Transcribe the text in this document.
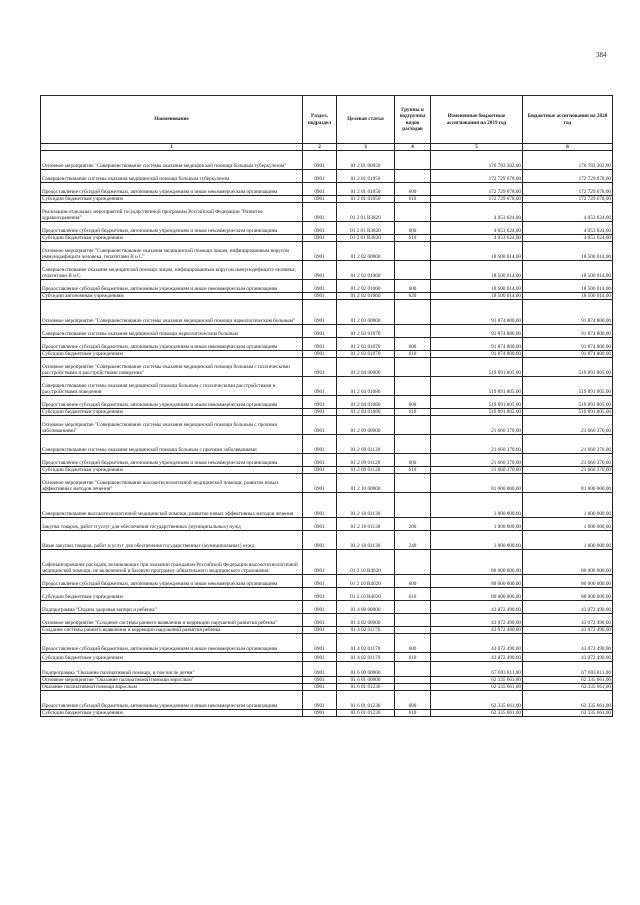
384
Наименование	Раздел, подраздел	Целевая статья	Группы и подгруппы видов расходов	Измененные бюджетные ассигнования на 2019 год	Бюджетные ассигнования на 2020 год
1	2	3	4	5	6
Основное мероприятие "Совершенствование системы оказания медицинской помощи больным туберкулезом"	0901	01 2 01 00050		176 783 302,00	176 783 302,00
Совершенствование системы оказания медицинской помощи больным туберкулезом	0901	01 2 01 01050		172 729 678,00	172 729 678,00
Предоставление субсидий бюджетным, автономным учреждениям и иным некоммерческим организациям	0901	01 2 01 01050	600	172 729 678,00	172 729 678,00
Субсидии бюджетным учреждениям	0901	01 2 01 01050	610	172 729 678,00	172 729 678,00
Реализация отдельных мероприятий государственной программы Российской Федерации "Развитие здравоохранения"	0901	01 2 01 R3820		4 053 624,00	4 053 624,00
Предоставление субсидий бюджетным, автономным учреждениям и иным некоммерческим организациям	0901	01 2 01 R3820	600	4 053 624,00	4 053 624,00
Субсидии бюджетным учреждениям	0901	01 2 01 R3820	610	4 053 624,00	4 053 624,00
Основное мероприятие "Совершенствование оказания медицинской помощи лицам, инфицированным вирусом иммунодефицита человека, гепатитами В и С"	0901	01 2 02 00000		18 500 014,00	18 500 014,00
Совершенствование оказания медицинской помощи лицам, инфицированным вирусом иммунодефицита человека, гепатитами В и С	0901	01 2 02 01060		18 500 014,00	18 500 014,00
Предоставление субсидий бюджетным, автономным учреждениям и иным некоммерческим организациям	0901	01 2 02 01060	600	18 500 014,00	18 500 014,00
Субсидии автономным учреждениям	0901	01 2 02 01060	620	18 500 014,00	18 500 014,00
Основное мероприятие "Совершенствование системы оказания медицинской помощи наркологическим больным"	0901	01 2 03 00000		91 874 800,00	91 874 800,00
Совершенствование системы оказания медицинской помощи наркологическим больным	0901	01 2 03 01070		91 874 800,00	91 874 800,00
Предоставление субсидий бюджетным, автономным учреждениям и иным некоммерческим организациям	0901	01 2 03 01070	600	91 874 800,00	91 874 800,00
Субсидии бюджетным учреждениям	0901	01 2 03 01070	610	91 874 800,00	91 874 800,00
Основное мероприятие "Совершенствование системы оказания медицинской помощи больным с психическими расстройствами и расстройствами поведения"	0901	01 2 04 00000		519 891 805,00	519 891 805,00
Совершенствование системы оказания медицинской помощи больным с психическими расстройствами и расстройствами поведения	0901	01 2 04 01080		519 891 805,00	519 891 805,00
Предоставление субсидий бюджетным, автономным учреждениям и иным некоммерческим организациям	0901	01 2 04 01080	600	519 891 805,00	519 891 805,00
Субсидии бюджетным учреждениям	0901	01 2 04 01080	610	519 891 805,00	519 891 805,00
Основное мероприятие "Совершенствование системы оказания медицинской помощи больным с прочими заболеваниями"	0901	01 2 09 00000		21 660 370,00	21 660 370,00
Совершенствование системы оказания медицинской помощи больным с прочими заболеваниями	0901	01 2 09 01120		21 660 370,00	21 660 370,00
Предоставление субсидий бюджетным, автономным учреждениям и иным некоммерческим организациям	0901	01 2 09 01120	600	21 660 370,00	21 660 370,00
Субсидии бюджетным учреждениям	0901	01 2 09 01120	610	21 660 370,00	21 660 370,00
Основное мероприятие "Совершенствование высокотехнологичной медицинской помощи, развитие новых эффективных методов лечения"	0901	01 2 10 00000		81 000 000,00	81 000 000,00
Совершенствование высокотехнологичной медицинской помощи, развитие новых эффективных методов лечения	0901	01 2 10 01130		1 000 000,00	1 000 000,00
Закупка товаров, работ и услуг для обеспечения государственных (муниципальных) нужд	0901	01 2 10 01130	200	1 000 000,00	1 000 000,00
Иные закупки товаров, работ и услуг для обеспечения государственных (муниципальных) нужд	0901	01 2 10 01130	240	1 000 000,00	1 000 000,00
Софинансирование расходов, возникающих при оказании гражданам Российской Федерации высокотехнологичной медицинской помощи, не включенной в базовую программу обязательного медицинского страхования	0901	01 2 10 R4020		80 000 000,00	80 000 000,00
Предоставление субсидий бюджетным, автономным учреждениям и иным некоммерческим организациям	0901	01 2 10 R4020	600	80 000 000,00	80 000 000,00
Субсидии бюджетным учреждениям	0901	01 2 10 R4020	610	80 000 000,00	80 000 000,00
Подпрограмма "Охрана здоровья матери и ребенка"	0901	01 4 00 00000		43 072 490,00	43 072 490,00
Основное мероприятие "Создание системы раннего выявления и коррекции нарушений развития ребенка"	0901	01 4 02 00000		43 072 490,00	43 072 490,00
Создание системы раннего выявления и коррекции нарушений развития ребенка	0901	01 4 02 01170		43 072 490,00	43 072 490,00
Предоставление субсидий бюджетным, автономным учреждениям и иным некоммерческим организациям	0901	01 4 02 01170	600	43 072 490,00	43 072 490,00
Субсидии бюджетным учреждениям	0901	01 4 02 01170	610	43 072 490,00	43 072 490,00
Подпрограмма "Оказание паллиативной помощи, в том числе детям"	0901	01 6 00 00000		67 693 811,00	67 693 811,00
Основное мероприятие "Оказание паллиативной помощи взрослым"	0901	01 6 01 00000		62 335 661,00	62 335 661,00
Оказание паллиативной помощи взрослым	0901	01 6 01 01230		62 335 661,00	62 335 661,00
Предоставление субсидий бюджетным, автономным учреждениям и иным некоммерческим организациям	0901	01 6 01 01230	600	62 335 661,00	62 335 661,00
Субсидии бюджетным учреждениям	0901	01 6 01 01230	610	62 335 661,00	62 335 661,00
